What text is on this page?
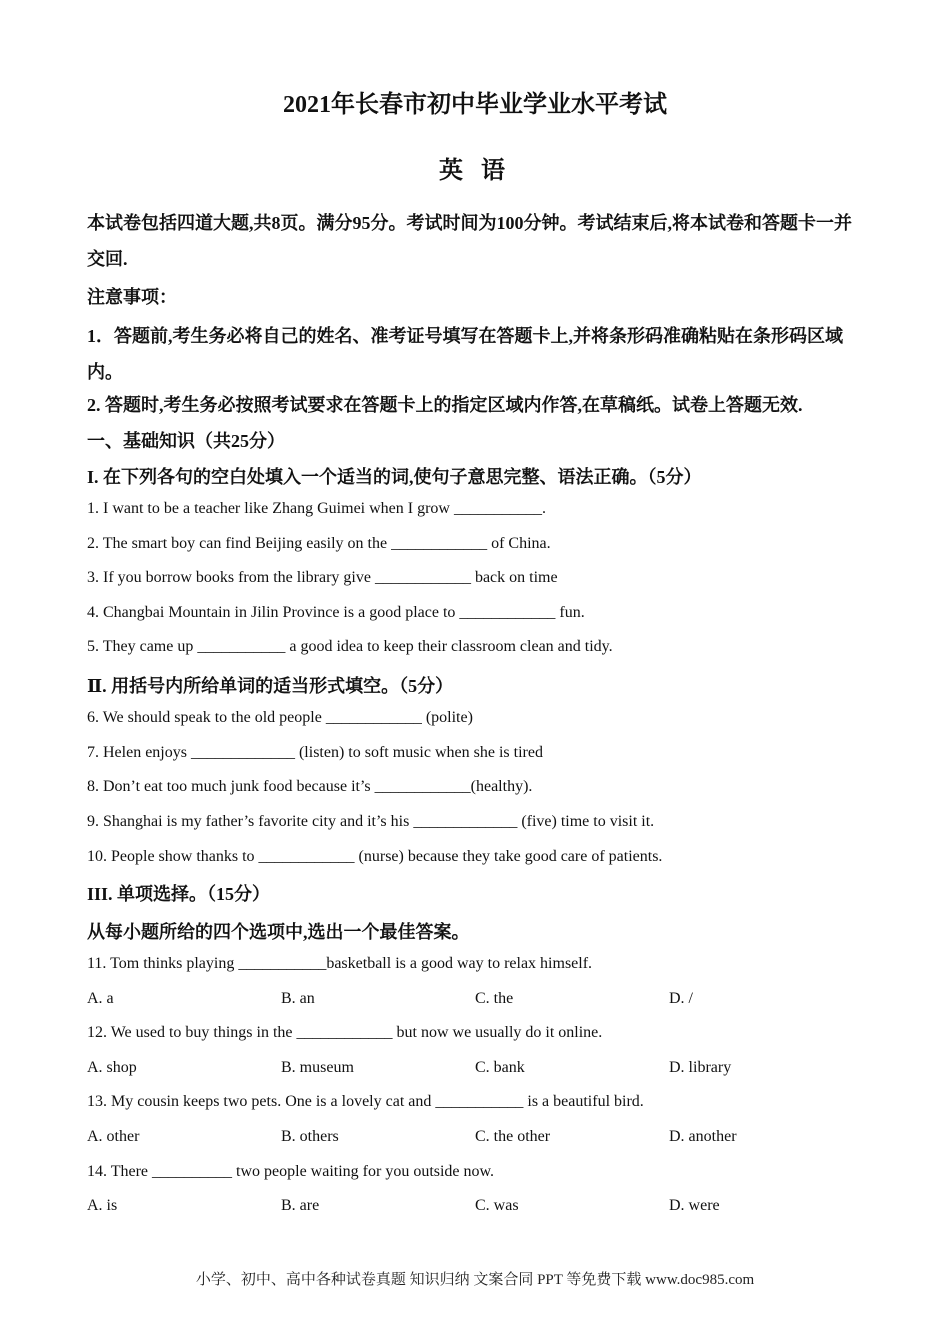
2021年长春市初中毕业学业水平考试
英 语
本试卷包括四道大题,共8页。满分95分。考试时间为100分钟。考试结束后,将本试卷和答题卡一并交回.
注意事项：
1．答题前,考生务必将自己的姓名、准考证号填写在答题卡上,并将条形码准确粘贴在条形码区域内。
2. 答题时,考生务必按照考试要求在答题卡上的指定区域内作答,在草稿纸。试卷上答题无效.
一、基础知识（共25分）
I. 在下列各句的空白处填入一个适当的词,使句子意思完整、语法正确。（5分）
1. I want to be a teacher like Zhang Guimei when I grow ___________.
2. The smart boy can find Beijing easily on the ____________ of China.
3. If you borrow books from the library give ____________ back on time
4. Changbai Mountain in Jilin Province is a good place to ____________ fun.
5. They came up ___________ a good idea to keep their classroom clean and tidy.
Ⅱ. 用括号内所给单词的适当形式填空。（5分）
6. We should speak to the old people ____________ (polite)
7. Helen enjoys _____________ (listen) to soft music when she is tired
8. Don’t eat too much junk food because it’s ____________(healthy).
9. Shanghai is my father’s favorite city and it’s his _____________ (five) time to visit it.
10. People show thanks to ____________ (nurse) because they take good care of patients.
III. 单项选择。（15分）
从每小题所给的四个选项中,选出一个最佳答案。
11. Tom thinks playing ___________basketball is a good way to relax himself.
A. a	B. an	C. the	D. /
12. We used to buy things in the ____________ but now we usually do it online.
A. shop	B. museum	C. bank	D. library
13. My cousin keeps two pets. One is a lovely cat and ___________ is a beautiful bird.
A. other	B. others	C. the other	D. another
14. There __________ two people waiting for you outside now.
A. is	B. are	C. was	D. were
小学、初中、高中各种试卷真题 知识归纳 文案合同 PPT 等免费下载 www.doc985.com
